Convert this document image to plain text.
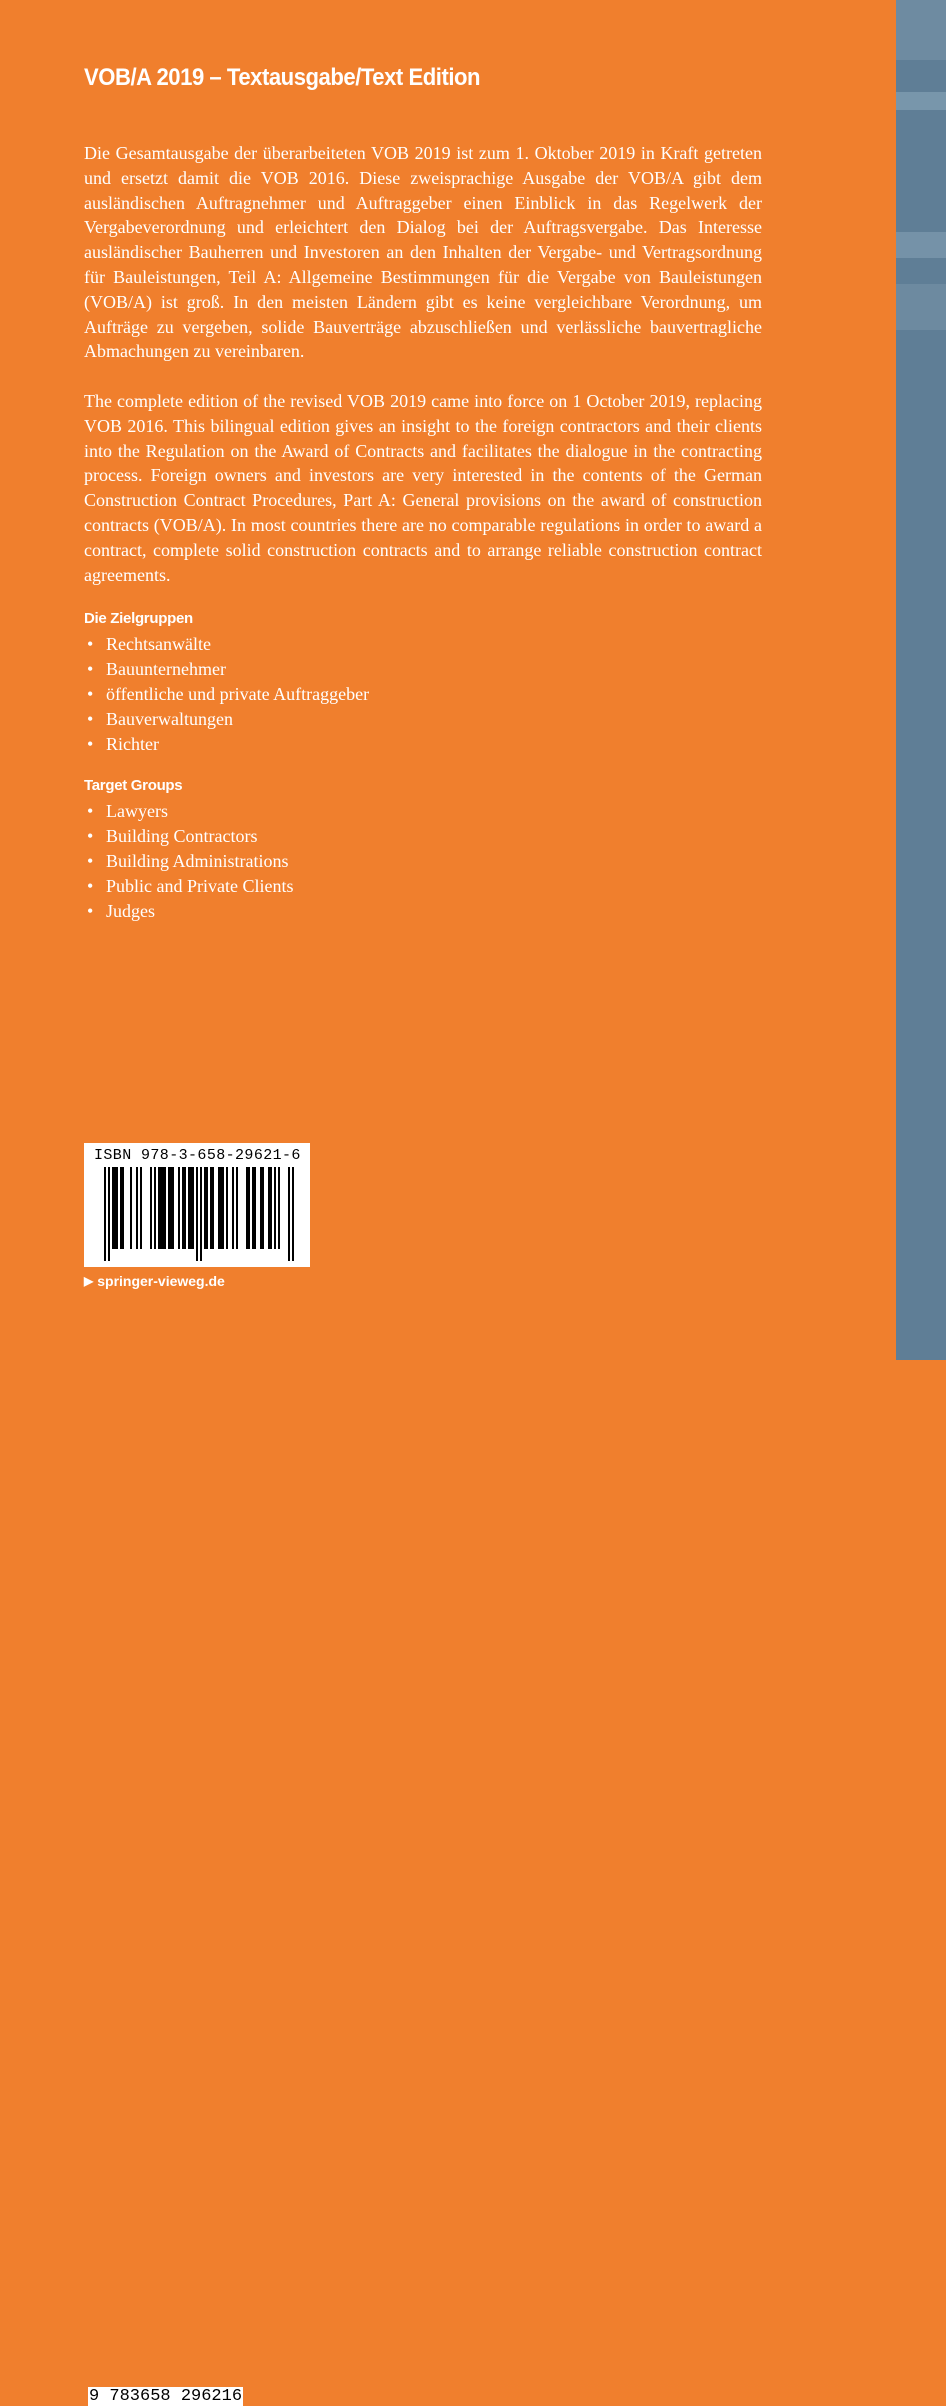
VOB/A 2019 – Textausgabe/Text Edition

Die Gesamtausgabe der überarbeiteten VOB 2019 ist zum 1. Oktober 2019 in Kraft getreten und ersetzt damit die VOB 2016. Diese zweisprachige Ausgabe der VOB/A gibt dem ausländischen Auftragnehmer und Auftraggeber einen Einblick in das Regelwerk der Vergabeverordnung und erleichtert den Dialog bei der Auftragsvergabe. Das Interesse ausländischer Bauherren und Investoren an den Inhalten der Vergabe- und Vertragsordnung für Bauleistungen, Teil A: Allgemeine Bestimmungen für die Vergabe von Bauleistungen (VOB/A) ist groß. In den meisten Ländern gibt es keine vergleichbare Verordnung, um Aufträge zu vergeben, solide Bauverträge abzuschließen und verlässliche bauvertragliche Abmachungen zu vereinbaren.

The complete edition of the revised VOB 2019 came into force on 1 October 2019, replacing VOB 2016. This bilingual edition gives an insight to the foreign contractors and their clients into the Regulation on the Award of Contracts and facilitates the dialogue in the contracting process. Foreign owners and investors are very interested in the contents of the German Construction Contract Procedures, Part A: General provisions on the award of construction contracts (VOB/A). In most countries there are no comparable regulations in order to award a contract, complete solid construction contracts and to arrange reliable construction contract agreements.

Die Zielgruppen
• Rechtsanwälte
• Bauunternehmer
• öffentliche und private Auftraggeber
• Bauverwaltungen
• Richter
Target Groups
• Lawyers
• Building Contractors
• Building Administrations
• Public and Private Clients
• Judges
ISBN 978-3-658-29621-6
9 783658 296216
▶ springer-vieweg.de
